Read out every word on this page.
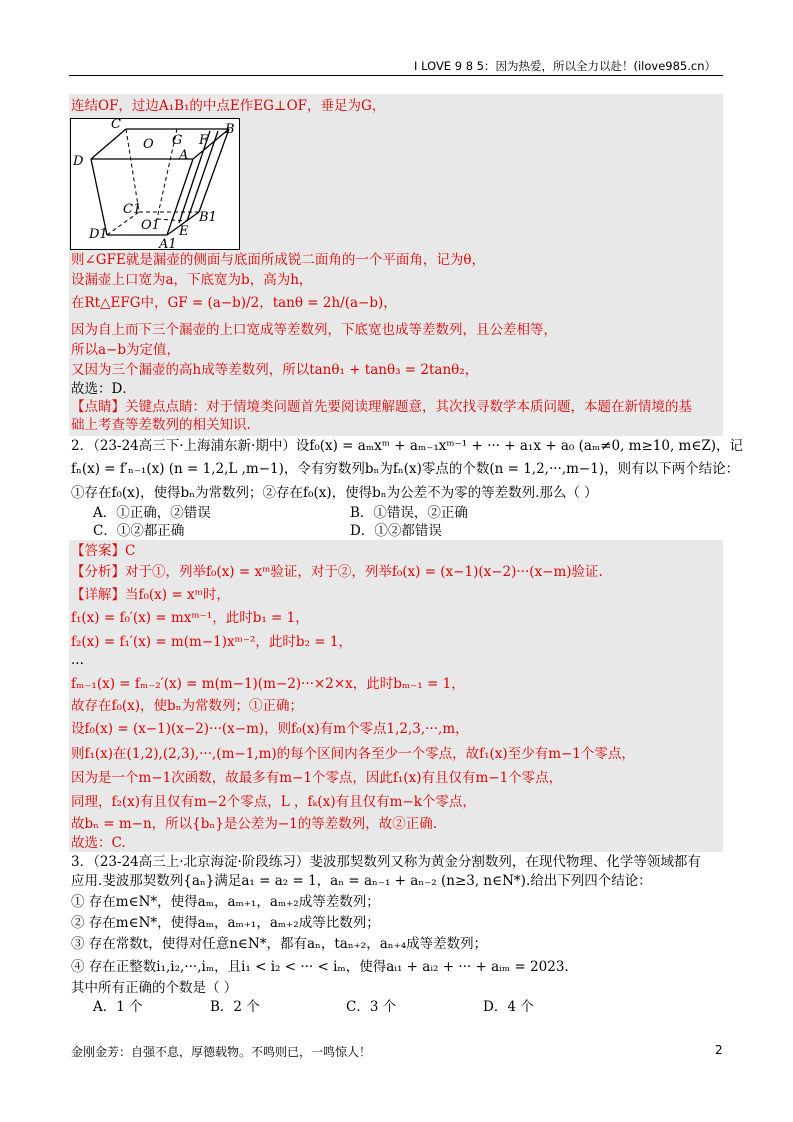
I LOVE 9 8 5：因为热爱，所以全力以赴！(ilove985.cn）
连结OF，过边A₁B₁的中点E作EG⊥OF，垂足为G，
C
O G F
B
A
D
C1
O1
B1
D1	E
A1
则∠GFE就是漏壶的侧面与底面所成锐二面角的一个平面角，记为θ，
设漏壶上口宽为a，下底宽为b，高为h，
在Rt△EFG中，GF = (a−b)/2，tanθ = 2h/(a−b)，
因为自上而下三个漏壶的上口宽成等差数列，下底宽也成等差数列，且公差相等，
所以a−b为定值，
又因为三个漏壶的高h成等差数列，所以tanθ₁ + tanθ₃ = 2tanθ₂，
故选：D．
【点睛】关键点点睛：对于情境类问题首先要阅读理解题意，其次找寻数学本质问题，本题在新情境的基
础上考查等差数列的相关知识.
2．（23-24高三下·上海浦东新·期中）设f₀(x) = aₘxᵐ + aₘ₋₁xᵐ⁻¹ + ··· + a₁x + a₀ (aₘ≠0, m≥10, m∈Z)，记
fₙ(x) = f′ₙ₋₁(x) (n = 1,2,L ,m−1)，令有穷数列bₙ为fₙ(x)零点的个数(n = 1,2,···,m−1)，则有以下两个结论：
①存在f₀(x)，使得bₙ为常数列；②存在f₀(x)，使得bₙ为公差不为零的等差数列.那么（ ）
A．①正确，②错误	B．①错误，②正确
C．①②都正确	D．①②都错误
【答案】C
【分析】对于①，列举f₀(x) = xᵐ验证，对于②，列举f₀(x) = (x−1)(x−2)···(x−m)验证.
【详解】当f₀(x) = xᵐ时，
f₁(x) = f₀′(x) = mxᵐ⁻¹，此时b₁ = 1，
f₂(x) = f₁′(x) = m(m−1)xᵐ⁻²，此时b₂ = 1，
···
fₘ₋₁(x) = fₘ₋₂′(x) = m(m−1)(m−2)···×2×x，此时bₘ₋₁ = 1，
故存在f₀(x)，使bₙ为常数列；①正确；
设f₀(x) = (x−1)(x−2)···(x−m)，则f₀(x)有m个零点1,2,3,···,m，
则f₁(x)在(1,2),(2,3),···,(m−1,m)的每个区间内各至少一个零点，故f₁(x)至少有m−1个零点，
因为是一个m−1次函数，故最多有m−1个零点，因此f₁(x)有且仅有m−1个零点，
同理，f₂(x)有且仅有m−2个零点，L ，fₖ(x)有且仅有m−k个零点，
故bₙ = m−n，所以{bₙ}是公差为−1的等差数列，故②正确.
故选：C.
3．（23-24高三上·北京海淀·阶段练习）斐波那契数列又称为黄金分割数列，在现代物理、化学等领域都有
应用.斐波那契数列{aₙ}满足a₁ = a₂ = 1，aₙ = aₙ₋₁ + aₙ₋₂ (n≥3, n∈N*).给出下列四个结论：
① 存在m∈N*，使得aₘ，aₘ₊₁，aₘ₊₂成等差数列；
② 存在m∈N*，使得aₘ，aₘ₊₁，aₘ₊₂成等比数列；
③ 存在常数t，使得对任意n∈N*，都有aₙ，taₙ₊₂，aₙ₊₄成等差数列；
④ 存在正整数i₁,i₂,···,iₘ，且i₁ < i₂ < ··· < iₘ，使得aᵢ₁ + aᵢ₂ + ··· + aᵢₘ = 2023.
其中所有正确的个数是（ ）
A．1 个	B．2 个	C．3 个	D．4 个
金刚金芳：自强不息，厚德载物。不鸣则已，一鸣惊人！	2
